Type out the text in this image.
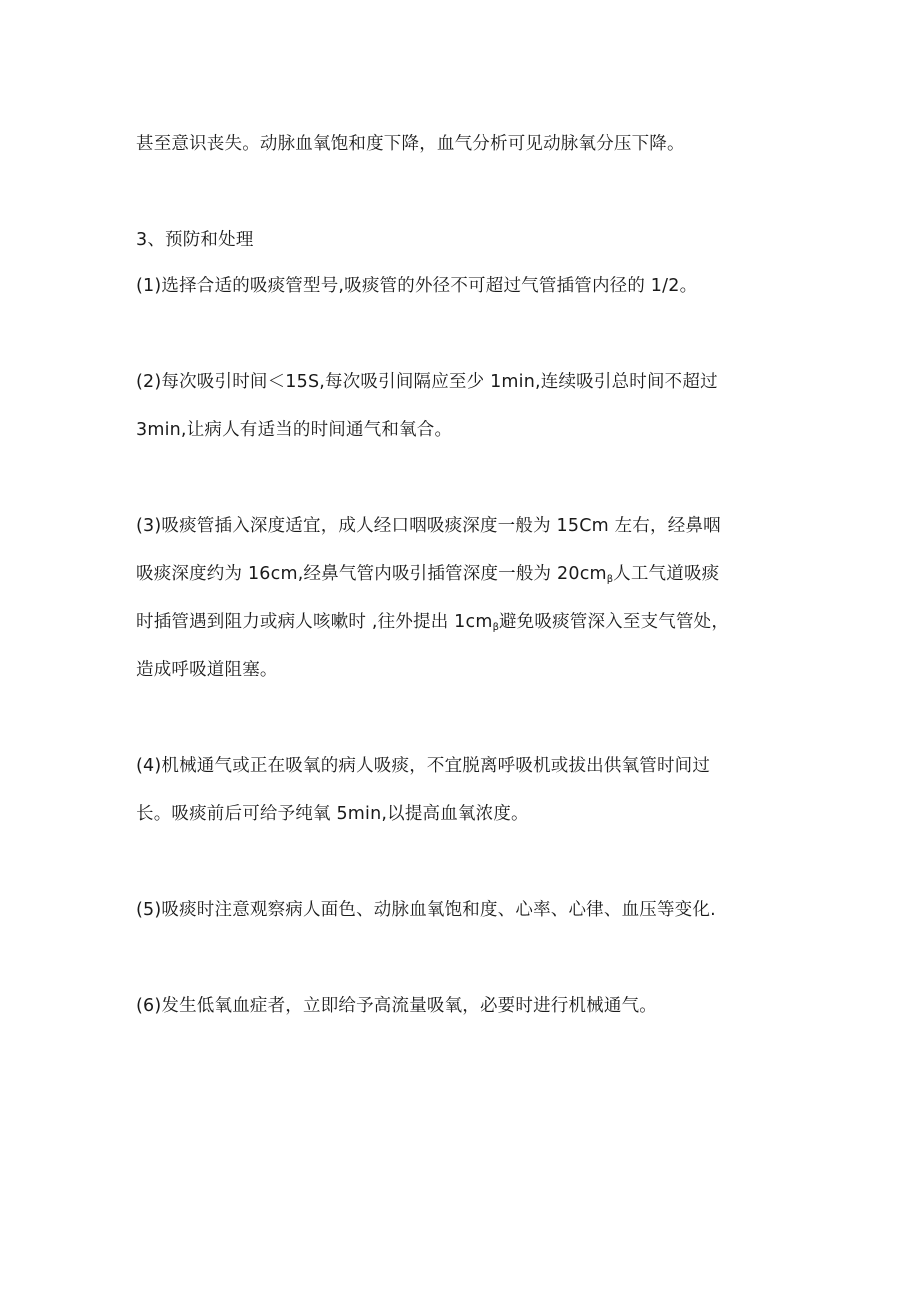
甚至意识丧失。动脉血氧饱和度下降，血气分析可见动脉氧分压下降。

3、预防和处理

(1)选择合适的吸痰管型号,吸痰管的外径不可超过气管插管内径的 1/2。

(2)每次吸引时间＜15S,每次吸引间隔应至少 1min,连续吸引总时间不超过

3min,让病人有适当的时间通气和氧合。

(3)吸痰管插入深度适宜，成人经口咽吸痰深度一般为 15Cm 左右，经鼻咽

吸痰深度约为 16cm,经鼻气管内吸引插管深度一般为 $20cm_\beta$人工气道吸痰

时插管遇到阻力或病人咳嗽时 ,往外提出 $1cm_\beta$避免吸痰管深入至支气管处，

造成呼吸道阻塞。

(4)机械通气或正在吸氧的病人吸痰，不宜脱离呼吸机或拔出供氧管时间过

长。吸痰前后可给予纯氧 5min,以提高血氧浓度。

(5)吸痰时注意观察病人面色、动脉血氧饱和度、心率、心律、血压等变化.

(6)发生低氧血症者，立即给予高流量吸氧，必要时进行机械通气。
